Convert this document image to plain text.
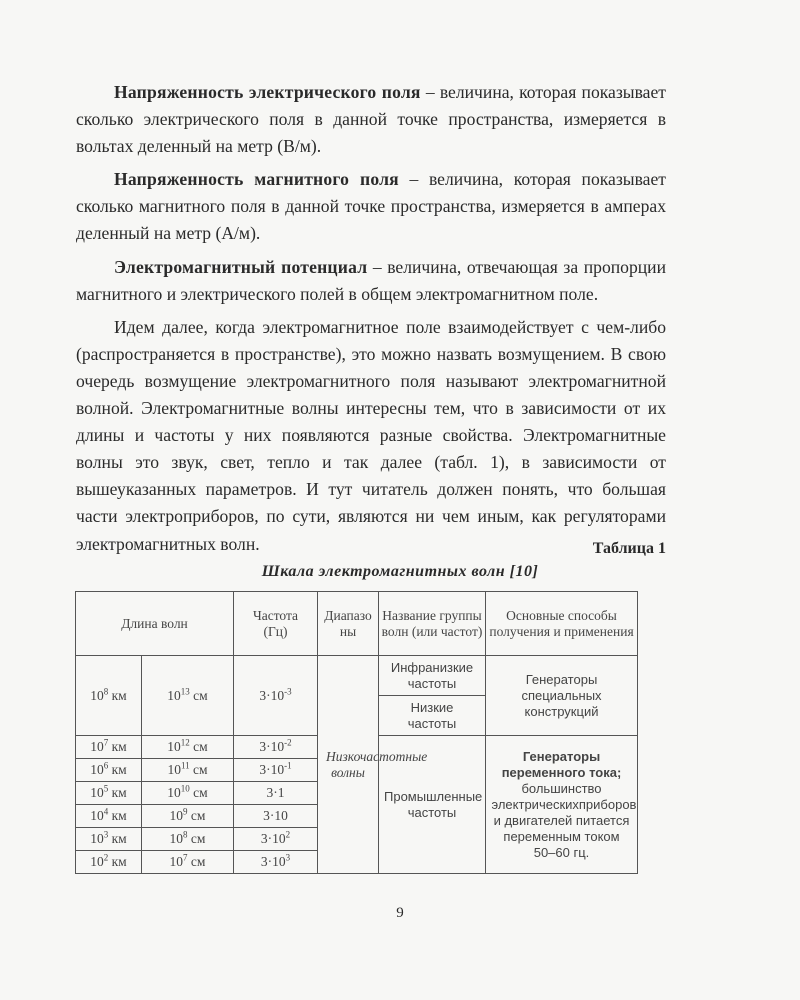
Напряженность электрического поля – величина, которая показывает сколько электрического поля в данной точке пространства, измеряется в вольтах деленный на метр (В/м).

Напряженность магнитного поля – величина, которая показывает сколько магнитного поля в данной точке пространства, измеряется в амперах деленный на метр (А/м).

Электромагнитный потенциал – величина, отвечающая за пропорции магнитного и электрического полей в общем электромагнитном поле.

Идем далее, когда электромагнитное поле взаимодействует с чем-либо (распространяется в пространстве), это можно назвать возмущением. В свою очередь возмущение электромагнитного поля называют электромагнитной волной. Электромагнитные волны интересны тем, что в зависимости от их длины и частоты у них появляются разные свойства. Электромагнитные волны это звук, свет, тепло и так далее (табл. 1), в зависимости от вышеуказанных параметров. И тут читатель должен понять, что большая части электроприборов, по сути, являются ни чем иным, как регуляторами электромагнитных волн.	Таблица 1
Шкала электромагнитных волн [10]
Длина волн		Частота (Гц)	Диапазоны	Название группы волн (или частот)	Основные способы получения и применения
$10^8$ км	$10^{13}$ см	$3\cdot 10^{-3}$	Низкочастотные волны	Инфранизкие частоты	Генераторы специальных конструкций

				Низкие частоты	

$10^7$ км	$10^{12}$ см	$3\cdot 10^{-2}$		Промышленные частоты	Генераторы переменного тока; большинство электрическихприборов и двигателей питается переменным током 50–60 гц.

$10^6$ км	$10^{11}$ см	$3\cdot 10^{-1}$
$10^5$ км	$10^{10}$ см	3·1			
$10^4$ км	$10^9$ см	3·10			
$10^3$ км	$10^8$ см	$3\cdot 10^2$
$10^2$ км	$10^7$ см	$3\cdot 10^3$
9
